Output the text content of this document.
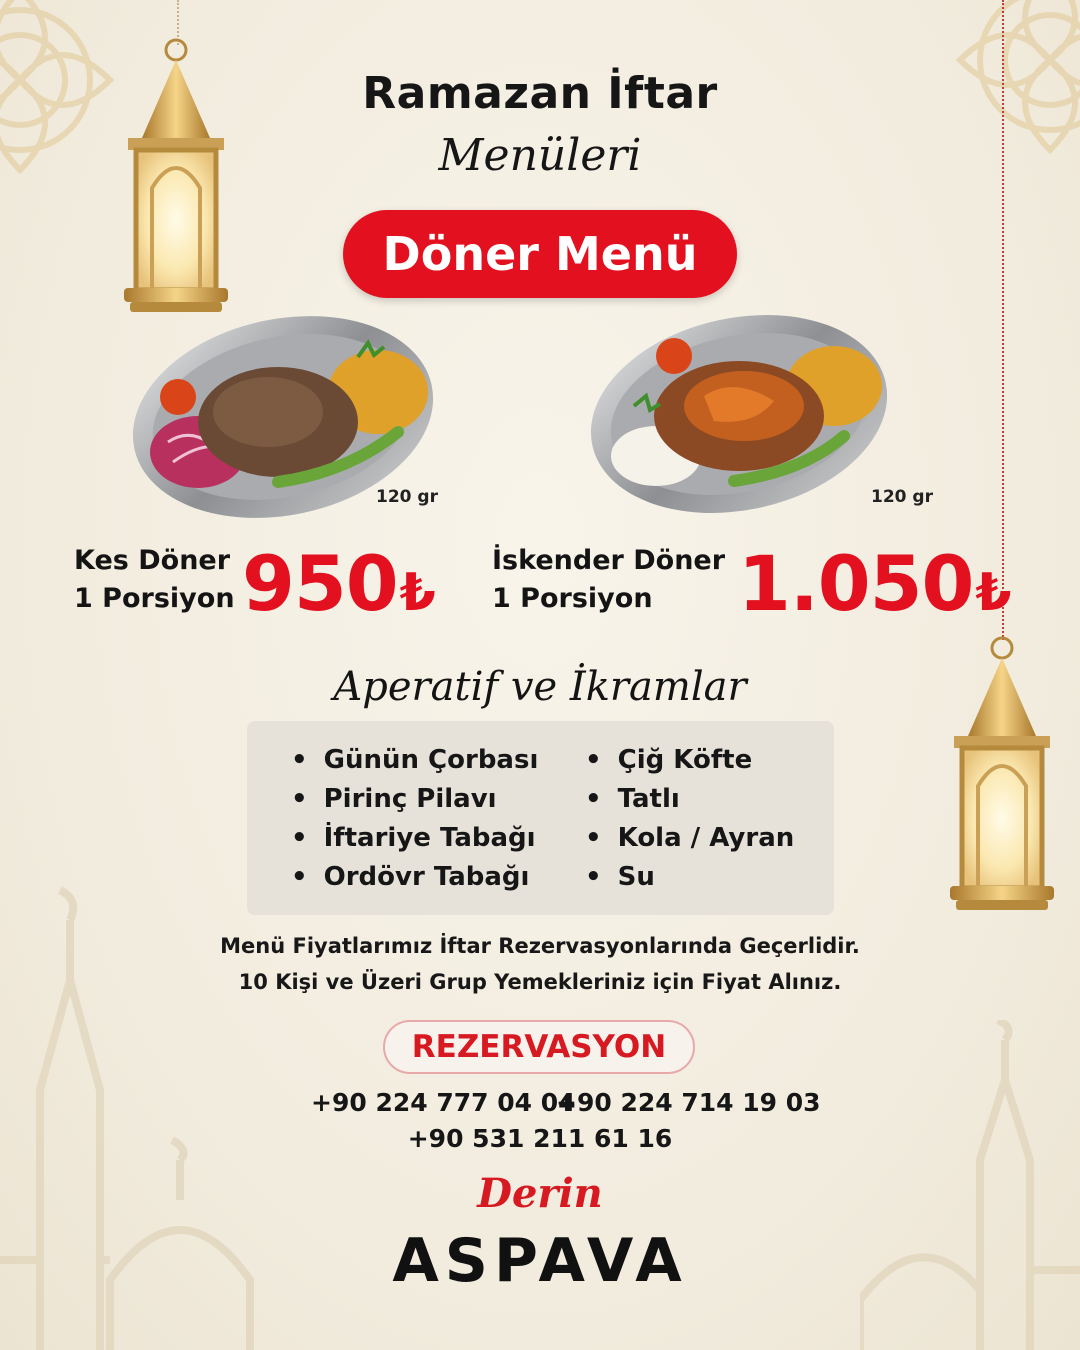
Ramazan İftar
Menüleri
Döner Menü
120 gr	120 gr
Kes Döner
1 Porsiyon 950₺
İskender Döner
1 Porsiyon	1.050₺
Aperatif ve İkramlar
• Günün Çorbası
• Pirinç Pilavı
• İftariye Tabağı
• Ordövr Tabağı
• Çiğ Köfte
• Tatlı
• Kola / Ayran
• Su
Menü Fiyatlarımız İftar Rezervasyonlarında Geçerlidir.
10 Kişi ve Üzeri Grup Yemekleriniz için Fiyat Alınız.
REZERVASYON
+90 224 777 04 04
+90 224 714 19 03
+90 531 211 61 16
Derin
ASPAVA
